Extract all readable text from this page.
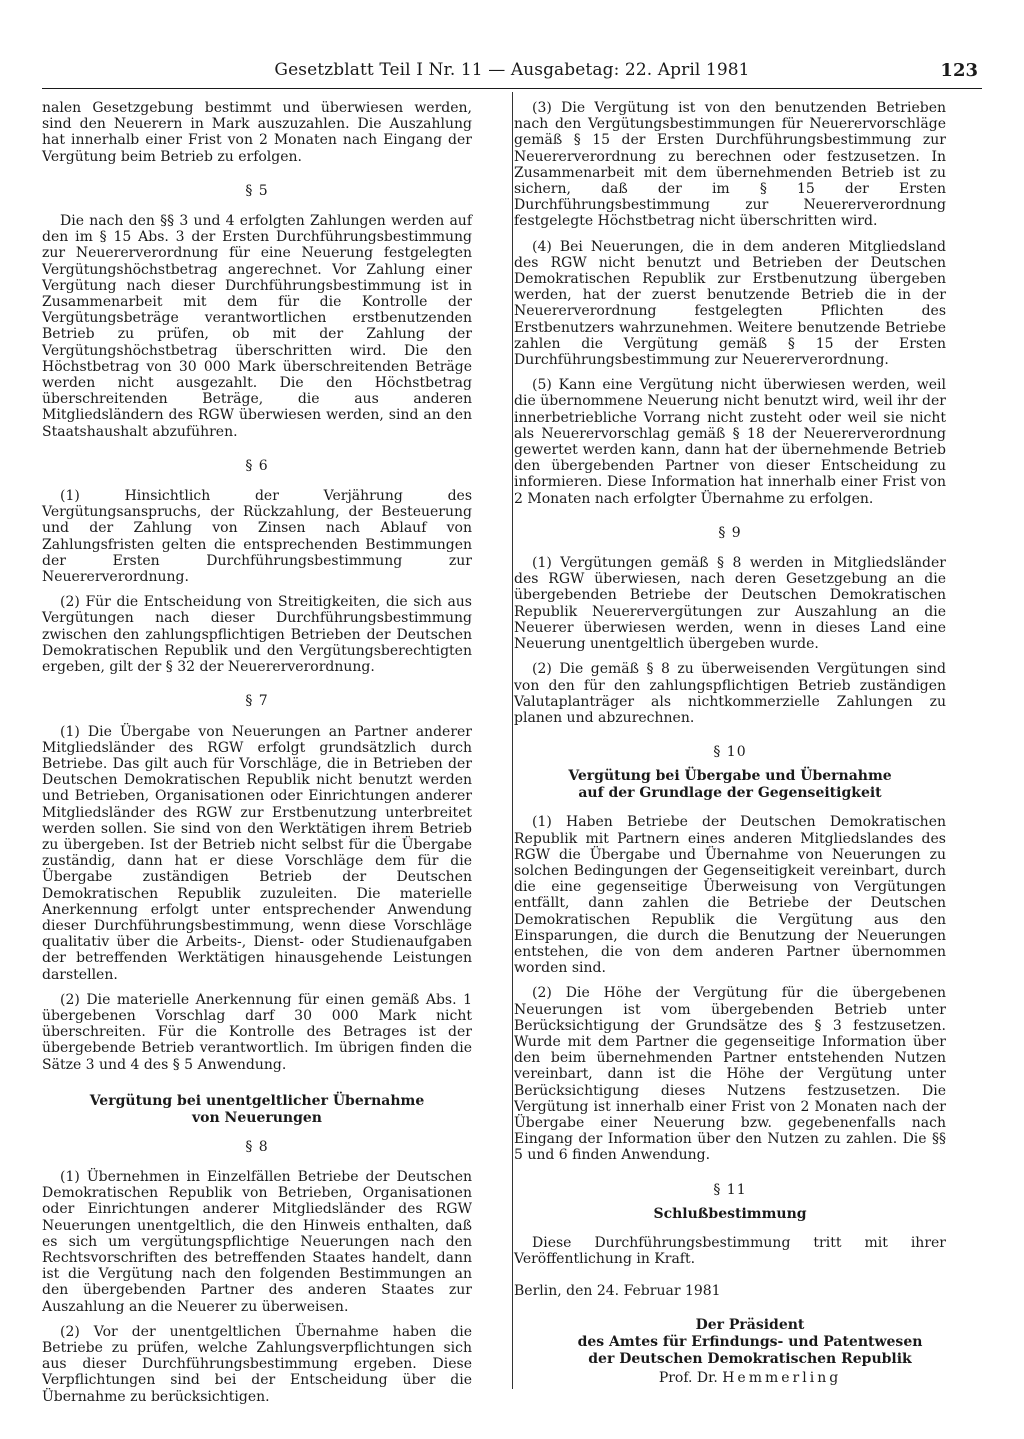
Gesetzblatt Teil I Nr. 11 — Ausgabetag: 22. April 1981	123

nalen Gesetzgebung bestimmt und überwiesen werden, sind den Neuerern in Mark auszuzahlen. Die Auszahlung hat innerhalb einer Frist von 2 Monaten nach Eingang der Vergütung beim Betrieb zu erfolgen.

§ 5

Die nach den §§ 3 und 4 erfolgten Zahlungen werden auf den im § 15 Abs. 3 der Ersten Durchführungsbestimmung zur Neuererverordnung für eine Neuerung festgelegten Vergütungshöchstbetrag angerechnet. Vor Zahlung einer Vergütung nach dieser Durchführungsbestimmung ist in Zusammenarbeit mit dem für die Kontrolle der Vergütungsbeträge verantwortlichen erstbenutzenden Betrieb zu prüfen, ob mit der Zahlung der Vergütungshöchstbetrag überschritten wird. Die den Höchstbetrag von 30 000 Mark überschreitenden Beträge werden nicht ausgezahlt. Die den Höchstbetrag überschreitenden Beträge, die aus anderen Mitgliedsländern des RGW überwiesen werden, sind an den Staatshaushalt abzuführen.

§ 6

(1) Hinsichtlich der Verjährung des Vergütungsanspruchs, der Rückzahlung, der Besteuerung und der Zahlung von Zinsen nach Ablauf von Zahlungsfristen gelten die entsprechenden Bestimmungen der Ersten Durchführungsbestimmung zur Neuererverordnung.

(2) Für die Entscheidung von Streitigkeiten, die sich aus Vergütungen nach dieser Durchführungsbestimmung zwischen den zahlungspflichtigen Betrieben der Deutschen Demokratischen Republik und den Vergütungsberechtigten ergeben, gilt der § 32 der Neuererverordnung.

§ 7

(1) Die Übergabe von Neuerungen an Partner anderer Mitgliedsländer des RGW erfolgt grundsätzlich durch Betriebe. Das gilt auch für Vorschläge, die in Betrieben der Deutschen Demokratischen Republik nicht benutzt werden und Betrieben, Organisationen oder Einrichtungen anderer Mitgliedsländer des RGW zur Erstbenutzung unterbreitet werden sollen. Sie sind von den Werktätigen ihrem Betrieb zu übergeben. Ist der Betrieb nicht selbst für die Übergabe zuständig, dann hat er diese Vorschläge dem für die Übergabe zuständigen Betrieb der Deutschen Demokratischen Republik zuzuleiten. Die materielle Anerkennung erfolgt unter entsprechender Anwendung dieser Durchführungsbestimmung, wenn diese Vorschläge qualitativ über die Arbeits-, Dienst- oder Studienaufgaben der betreffenden Werktätigen hinausgehende Leistungen darstellen.

(2) Die materielle Anerkennung für einen gemäß Abs. 1 übergebenen Vorschlag darf 30 000 Mark nicht überschreiten. Für die Kontrolle des Betrages ist der übergebende Betrieb verantwortlich. Im übrigen finden die Sätze 3 und 4 des § 5 Anwendung.

Vergütung bei unentgeltlicher Übernahme
von Neuerungen
§ 8

(1) Übernehmen in Einzelfällen Betriebe der Deutschen Demokratischen Republik von Betrieben, Organisationen oder Einrichtungen anderer Mitgliedsländer des RGW Neuerungen unentgeltlich, die den Hinweis enthalten, daß es sich um vergütungspflichtige Neuerungen nach den Rechtsvorschriften des betreffenden Staates handelt, dann ist die Vergütung nach den folgenden Bestimmungen an den übergebenden Partner des anderen Staates zur Auszahlung an die Neuerer zu überweisen.

(2) Vor der unentgeltlichen Übernahme haben die Betriebe zu prüfen, welche Zahlungsverpflichtungen sich aus dieser Durchführungsbestimmung ergeben. Diese Verpflichtungen sind bei der Entscheidung über die Übernahme zu berücksichtigen.

(3) Die Vergütung ist von den benutzenden Betrieben nach den Vergütungsbestimmungen für Neuerervorschläge gemäß § 15 der Ersten Durchführungsbestimmung zur Neuererverordnung zu berechnen oder festzusetzen. In Zusammenarbeit mit dem übernehmenden Betrieb ist zu sichern, daß der im § 15 der Ersten Durchführungsbestimmung zur Neuererverordnung festgelegte Höchstbetrag nicht überschritten wird.

(4) Bei Neuerungen, die in dem anderen Mitgliedsland des RGW nicht benutzt und Betrieben der Deutschen Demokratischen Republik zur Erstbenutzung übergeben werden, hat der zuerst benutzende Betrieb die in der Neuererverordnung festgelegten Pflichten des Erstbenutzers wahrzunehmen. Weitere benutzende Betriebe zahlen die Vergütung gemäß § 15 der Ersten Durchführungsbestimmung zur Neuererverordnung.

(5) Kann eine Vergütung nicht überwiesen werden, weil die übernommene Neuerung nicht benutzt wird, weil ihr der innerbetriebliche Vorrang nicht zusteht oder weil sie nicht als Neuerervorschlag gemäß § 18 der Neuererverordnung gewertet werden kann, dann hat der übernehmende Betrieb den übergebenden Partner von dieser Entscheidung zu informieren. Diese Information hat innerhalb einer Frist von 2 Monaten nach erfolgter Übernahme zu erfolgen.

§ 9

(1) Vergütungen gemäß § 8 werden in Mitgliedsländer des RGW überwiesen, nach deren Gesetzgebung an die übergebenden Betriebe der Deutschen Demokratischen Republik Neuerervergütungen zur Auszahlung an die Neuerer überwiesen werden, wenn in dieses Land eine Neuerung unentgeltlich übergeben wurde.

(2) Die gemäß § 8 zu überweisenden Vergütungen sind von den für den zahlungspflichtigen Betrieb zuständigen Valutaplanträger als nichtkommerzielle Zahlungen zu planen und abzurechnen.

§ 10
Vergütung bei Übergabe und Übernahme
auf der Grundlage der Gegenseitigkeit

(1) Haben Betriebe der Deutschen Demokratischen Republik mit Partnern eines anderen Mitgliedslandes des RGW die Übergabe und Übernahme von Neuerungen zu solchen Bedingungen der Gegenseitigkeit vereinbart, durch die eine gegenseitige Überweisung von Vergütungen entfällt, dann zahlen die Betriebe der Deutschen Demokratischen Republik die Vergütung aus den Einsparungen, die durch die Benutzung der Neuerungen entstehen, die von dem anderen Partner übernommen worden sind.

(2) Die Höhe der Vergütung für die übergebenen Neuerungen ist vom übergebenden Betrieb unter Berücksichtigung der Grundsätze des § 3 festzusetzen. Wurde mit dem Partner die gegenseitige Information über den beim übernehmenden Partner entstehenden Nutzen vereinbart, dann ist die Höhe der Vergütung unter Berücksichtigung dieses Nutzens festzusetzen. Die Vergütung ist innerhalb einer Frist von 2 Monaten nach der Übergabe einer Neuerung bzw. gegebenenfalls nach Eingang der Information über den Nutzen zu zahlen. Die §§ 5 und 6 finden Anwendung.

§ 11
Schlußbestimmung

Diese Durchführungsbestimmung tritt mit ihrer Veröffentlichung in Kraft.

Berlin, den 24. Februar 1981

Der Präsident

des Amtes für Erfindungs- und Patentwesen

der Deutschen Demokratischen Republik

Prof. Dr. Hemmerling
